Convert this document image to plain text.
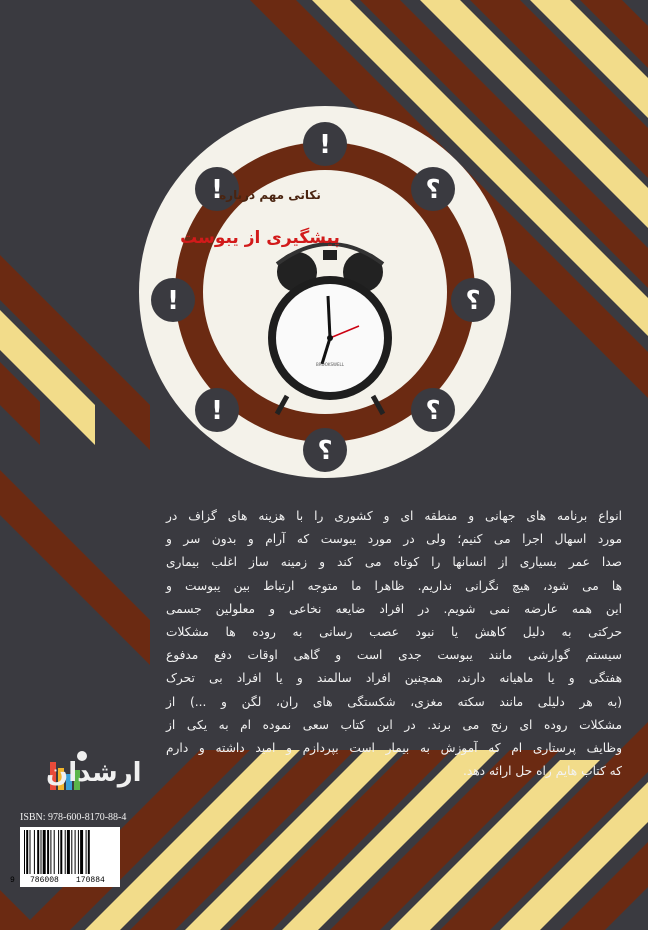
!
!
!
!
؟
؟
؟
؟
BROOKSWELL
نکاتی مهم درباره
پیشگیری از یبوست
انواع برنامه های جهانی و منطقه ای و کشوری را با هزینه های گزاف در
مورد اسهال اجرا می کنیم؛ ولی در مورد یبوست که آرام و بدون سر و
صدا عمر بسیاری از انسانها را کوتاه می کند و زمینه ساز اغلب بیماری
ها می شود، هیچ نگرانی نداریم. ظاهرا ما متوجه ارتباط بین یبوست و
این همه عارضه نمی شویم. در افراد ضایعه نخاعی و معلولین جسمی
حرکتی به دلیل کاهش یا نبود عصب رسانی به روده ها مشکلات
سیستم گوارشی مانند یبوست جدی است و گاهی اوقات دفع مدفوع
هفتگی و یا ماهیانه دارند، همچنین افراد سالمند و یا افراد بی تحرک
(به هر دلیلی مانند سکته مغزی، شکستگی های ران، لگن و ...) از
مشکلات روده ای رنج می برند. در این کتاب سعی نموده ام به یکی از
وظایف پرستاری ام که آموزش به بیمار است بپردازم و امید داشته و دارم
که کتاب هایم راه حل ارائه دهد.
ارشدان
ISBN: 978-600-8170-88-4
9 786008 170884
